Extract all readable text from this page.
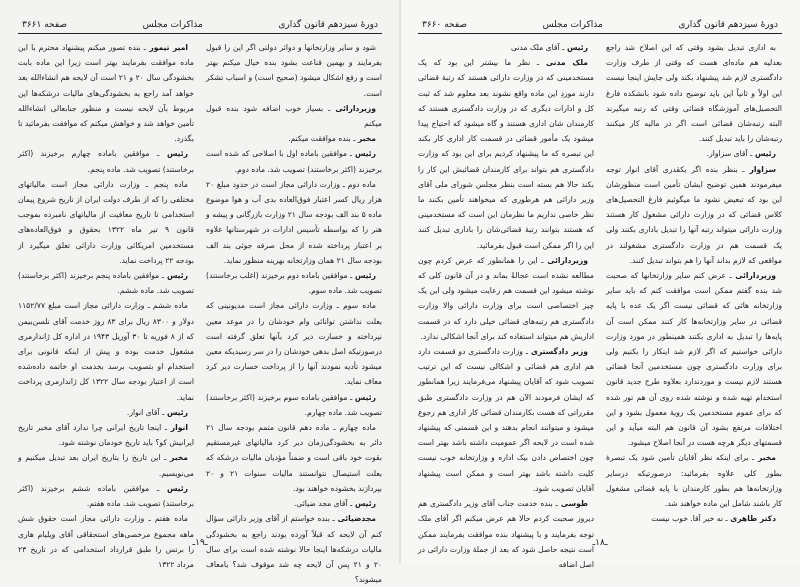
دورهٔ سیزدهم قانون گذاری
مذاکرات مجلس
صفحه ۳۶۶۱

شود و سایر وزارتخانها و دوائر دولتی اگر این را قبول بفرمایند و بهمین قناعت بشود بنده خیال میکنم بهتر است و رفع اشکال میشود (صحیح است) و اسباب تشکر است.

وزیردارائی ـ بسیار خوب اضافه شود بنده قبول میکنم

مخبر ـ بنده موافقت میکنم.

رئیس ـ موافقین باماده اول با اصلاحی که شده است برخیزند (اکثر برخاستند) تصویب شد. ماده دوم.

ماده دوم ـ وزارت دارائی مجاز است در حدود مبلغ ۲۰ هزار ریال کسر اعتبار فوق‌العاده بدی آب و هوا موضوع ماده ۵ بند الف بودجه سال ۲۱ وزارت بازرگانی و پیشه و هنر را که بواسطه تأسیس ادارات در شهرستانها علاوه بر اعتبار پرداخته شده از محل صرفه جوئی بند الف بودجه سال ۲۱ همان وزارتخانه بهزینه منظور نماید.

رئیس ـ موافقین باماده دوم برخیزند (اغلب برخاستند) تصویب شد. ماده سوم.

ماده سوم ـ وزارت دارائی مجاز است مدیونینی که بعلت نداشتن توانائی وام خودشان را در موعد معین نپرداخته و خسارت دیر کرد بآنها تعلق گرفته است درصورتیکه اصل بدهی خودشان را در سر رسیدیکه معین میشود تأدیه نمودند آنها را از پرداخت خسارت دیر کرد معاف نماید.

رئیس ـ موافقین باماده سوم برخیزند (اکثر برخاستند) تصویب شد. ماده چهارم.

ماده چهارم ـ ماده دهم قانون متمم بودجه سال ۲۱ دائر به بخشودگی‌زمان دیر کرد مالیاتهای غیرمستقیم بقوت خود باقی است و ضمناً مؤدیان مالیات درشکه که بعلت استیصال نتوانستند مالیات سنوات ۲۱ و ۲۰ بپردازند بخشوده خواهند بود.

رئیس ـ آقای مجد ضیائی.

مجدضیائی ـ بنده خواستم از آقای وزیر دارائی سؤال کنم آن لایحه که قبلاً آورده بودند راجع به بخشودگی مالیات درشکه‌ها اینجا حالا نوشته شده است برای سال ۲۰ و ۲۱ پس آن لایحه چه شد موقوف شد؟ یامعاف میشوند؟

امیر تیمور ـ بنده تصور میکنم پیشنهاد محترم با این ماده موافقت بفرمایند بهتر است زیرا این ماده بابت بخشودگی سال ۲۰ و ۲۱ است آن لایحه هم انشاءالله بعد خواهد آمد راجع به بخشودگی‌های مالیات درشکه‌ها این مربوط بآن لایحه نیست و منظور جنابعالی انشاءالله تأمین خواهد شد و خواهش میکنم که موافقت بفرمائید تا بگذرد.

رئیس ـ موافقین باماده چهارم برخیزند (اکثر برخاستند) تصویب شد. ماده پنجم.

ماده پنجم ـ وزارت دارائی مجاز است مالیاتهای مختلفی را که از طرف دولت ایران از تاریخ شروع پیمان استخدامی تا تاریخ معافیت از مالیاتهای نامبرده بموجب قانون ۹ تیر ماه ۱۳۲۲ بحقوق و فوق‌العاده‌های مستخدمین امریکائی وزارت دارائی تعلق میگیرد از بودجه ۲۲ پرداخت نماید.

رئیس ـ موافقین باماده پنجم برخیزند (اکثر برخاستند) تصویب شد. ماده ششم.

ماده ششم ـ وزارت دارائی مجاز است مبلغ ۱۱۵۲/۷۷ دولار و ۸۳۰۰ ریال برای ۸۳ روز خدمت آقای نلسن‌بیمن که از ۸ فوریه تا ۳۰ آوریل ۱۹۴۳ در اداره کل ژاندارمری مشغول خدمت بوده و پیش از اینکه قانونی برای استخدام او بتصویب برسد بخدمت او خاتمه داده‌شده است از اعتبار بودجه سال ۱۳۲۲ کل ژاندارمری پرداخت نماید.

رئیس ـ آقای انوار.

انوار ـ اینجا تاریخ ایرانی چرا ندارد آقای مخبر تاریخ ایرانیش کو؟ باید تاریخ خودمان نوشته شود.

مخبر ـ این تاریخ را بتاریخ ایران بعد تبدیل میکنیم و می‌نویسیم.

رئیس ـ موافقین باماده ششم برخیزند (اکثر برخاستند) تصویب شد. ماده هفتم.

ماده هفتم ـ وزارت دارائی مجاز است حقوق شش ماهه مجموع مرخصی‌های استحقاقی آقای ویلیام هاری را برتس را طبق قرارداد استخدامی که در تاریخ ۲۳ مرداد ۱۳۲۲

ـ۱۹ـ
دورهٔ سیزدهم قانون گذاری
مذاکرات مجلس
صفحه ۳۶۶۰

به اداری تبدیل بشود وقتی که این اصلاح شد راجع بعدلیه هم ماده‌ای هست که وقتی از طرف وزارت دادگستری لازم شد پیشنهاد بکند ولی جایش اینجا نیست این اولاً و ثانیاً این باید توضیح داده شود بانشکده فارغ التحصیل‌های آموزشگاه قضائی وقتی که رتبه میگیرند البته رتبه‌شان قضائی است اگر در مالیه کار میکنند رتبه‌شان را باید تبدیل کنند.

رئیس ـ آقای سزاوار.

سزاوار ـ بنظر بنده اگر یکقدری آقای انوار توجه میفرمودند همین توضیح ایشان تأمین است منظورشان این بود که تبعیض نشود ما میگوئیم فارغ التحصیل‌های کلاس قضائی که در وزارت دارائی مشغول کار هستند وزارت دارائی میتواند رتبه آنها را تبدیل باداری بکنند ولی یک قسمت هم در وزارت دادگستری مشغولند در مواقعی که لازم بداند آنها را هم بتواند تبدیل کنند.

وزیردارائی ـ عرض کنم سایر وزارتخانها که صحبت شد بنده گفتم ممکن است موافقت کنم که باید سایر وزارتخانه هائی که قضائی نیست اگر یک عده با پایه قضائی در سایر وزارتخانه‌ها کار کنند ممکن است آن پایه‌ها را تبدیل به اداری بکنند همینطور در مورد وزارت دارائی خواستیم که اگر لازم شد اینکار را بکنیم ولی برای وزارت دادگستری چون مستخدمین آنجا قضائی هستند لازم نیست و موردندارد بعلاوه طرح جدید قانون استخدام تهیه شده و نوشته شده روی آن هم تور شده که برای عموم مستخدمین یک رویهٔ معمول بشود و این اختلافات مرتفع بشود آن قانون هم البته میآید و این قسمتهای دیگر هرچه هست در آنجا اصلاح میشود.

مخبر ـ برای اینکه نظر آقایان تأمین شود یک تبصرهٔ بطور کلی علاوه بفرمائید: درصورتیکه درسایر وزارتخانه‌ها هم بطور کارمندان با پایه قضائی مشغول کار باشند شامل این ماده خواهند شد.

دکتر طاهری ـ نه خیر آقا. خوب نیست

رئیس ـ آقای ملک مدنی

ملک مدنی ـ نظر ما بیشتر این بود که یک مستخدمینی که در وزارت دارائی هستند که رتبهٔ قضائی دارند موردِ این ماده واقع نشوند بعد معلوم شد که ثبت کل و ادارات دیگری که در وزارت دادگستری هستند که کارمندان شان اداری هستند و گاه میشود که احتیاج پیدا میشود یک مأمور قضائی در قسمت کار اداری کار بکند این تبصره که ما پیشنهاد کردیم برای این بود که وزارت دادگستری هم بتواند برای کارمندان قضائیش این کار را بکند حالا هم بسته است بنظر مجلس شورای ملی آقای وزیر دارائی هم هرطوری که میخواهند تأمین بکنند ما نظر خاصی نداریم ما نظرمان این است که مستخدمینی که هستند بتوانند رتبهٔ قضائی‌شان را باداری تبدیل کنند این را اگر ممکن است قبول بفرمائید.

وزیردارائی ـ این را همانطور که عرض کردم چون مطالعه نشده است عجالةً بماند و در آن قانون کلی که نوشته میشود این قسمت هم رعایت میشود ولی این یک چیز اختصاصی است برای وزارت دارائی والا وزارت دادگستری هم رتبه‌های قضائی خیلی دارد که در قسمت اداریش هم میتواند استفاده کند برای آنجا اشکالی ندارد.

وزیر دادگستری ـ وزارت دادگستری دو قسمت دارد هم اداری هم قضائی و اشکالی نیست که این ترتیب تصویب شود که آقایان پیشنهاد می‌فرمایند زیرا همانطور که ایشان فرمودند الآن هم در وزارت دادگستری طبق مقرراتی که هست بکارمندان قضائی کار اداری هم رجوع میشود و میتوانند انجام بدهند و این قسمتی که پیشنهاد شده است در لایحه اگر عمومیت داشته باشد بهتر است چون اختصاص دادن بیک اداره و وزارتخانه خوب نیست کلیت داشته باشد بهتر است و ممکن است پیشنهاد آقایان تصویب شود.

طوسی ـ بنده خدمت جناب آقای وزیر دادگستری هم دیروز صحبت کردم حالا هم عرض میکنم اگر آقای ملک توجه بفرمایند و با پیشنهاد بنده موافقت بفرمایند ممکن است نتیجه حاصل شود که بعد از جملهٔ وزارت دارائی در اصل اضافه

ـ۱۸ـ
